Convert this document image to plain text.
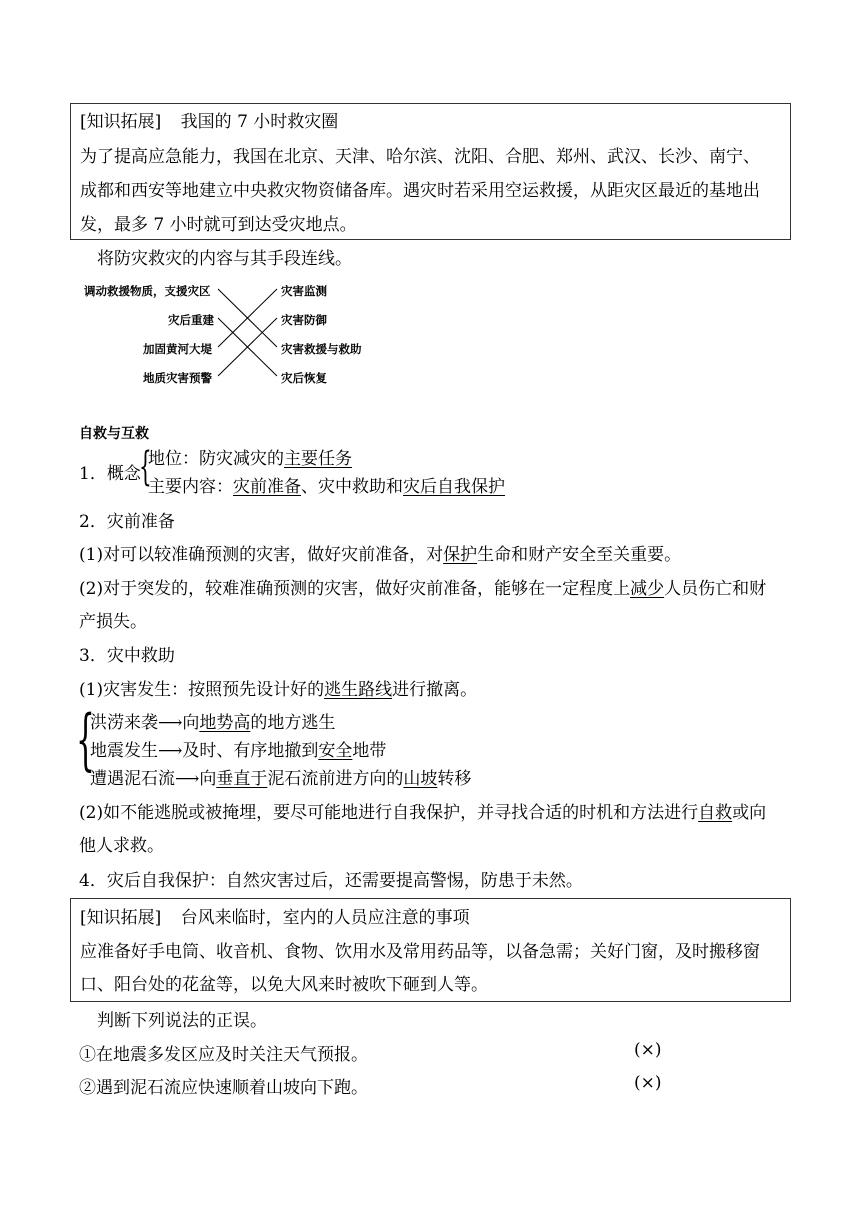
[知识拓展] 我国的 7 小时救灾圈
为了提高应急能力，我国在北京、天津、哈尔滨、沈阳、合肥、郑州、武汉、长沙、南宁、
成都和西安等地建立中央救灾物资储备库。遇灾时若采用空运救援，从距灾区最近的基地出
发，最多 7 小时就可到达受灾地点。
将防灾救灾的内容与其手段连线。
调动救援物质，支援灾区
灾后重建
加固黄河大堤
地质灾害预警
灾害监测
灾害防御
灾害救援与救助
灾后恢复
自救与互救
1．概念
{
地位：防灾减灾的主要任务
主要内容：灾前准备、灾中救助和灾后自我保护
2．灾前准备
(1)对可以较准确预测的灾害，做好灾前准备，对保护生命和财产安全至关重要。
(2)对于突发的，较难准确预测的灾害，做好灾前准备，能够在一定程度上减少人员伤亡和财
产损失。
3．灾中救助
(1)灾害发生：按照预先设计好的逃生路线进行撤离。
{
洪涝来袭⟶向地势高的地方逃生
地震发生⟶及时、有序地撤到安全地带
遭遇泥石流⟶向垂直于泥石流前进方向的山坡转移
(2)如不能逃脱或被掩埋，要尽可能地进行自我保护，并寻找合适的时机和方法进行自救或向
他人求救。
4．灾后自我保护：自然灾害过后，还需要提高警惕，防患于未然。
[知识拓展] 台风来临时，室内的人员应注意的事项
应准备好手电筒、收音机、食物、饮用水及常用药品等，以备急需；关好门窗，及时搬移窗
口、阳台处的花盆等，以免大风来时被吹下砸到人等。
判断下列说法的正误。
①在地震多发区应及时关注天气预报。	(×)
②遇到泥石流应快速顺着山坡向下跑。	(×)
